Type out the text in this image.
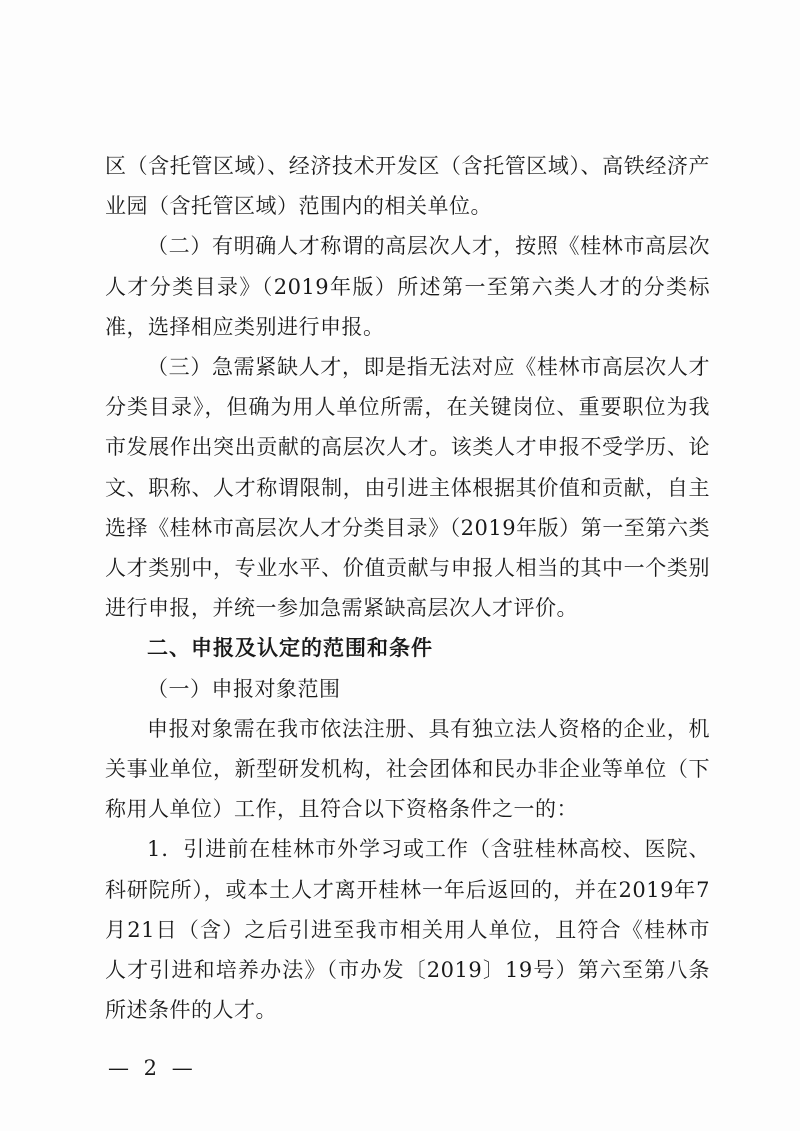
区（含托管区域）、经济技术开发区（含托管区域）、高铁经济产业园（含托管区域）范围内的相关单位。

（二）有明确人才称谓的高层次人才，按照《桂林市高层次人才分类目录》（2019年版）所述第一至第六类人才的分类标准，选择相应类别进行申报。

（三）急需紧缺人才，即是指无法对应《桂林市高层次人才分类目录》，但确为用人单位所需，在关键岗位、重要职位为我市发展作出突出贡献的高层次人才。该类人才申报不受学历、论文、职称、人才称谓限制，由引进主体根据其价值和贡献，自主选择《桂林市高层次人才分类目录》（2019年版）第一至第六类人才类别中，专业水平、价值贡献与申报人相当的其中一个类别进行申报，并统一参加急需紧缺高层次人才评价。

二、申报及认定的范围和条件

（一）申报对象范围

申报对象需在我市依法注册、具有独立法人资格的企业，机关事业单位，新型研发机构，社会团体和民办非企业等单位（下称用人单位）工作，且符合以下资格条件之一的：

1．引进前在桂林市外学习或工作（含驻桂林高校、医院、科研院所），或本土人才离开桂林一年后返回的，并在2019年7月21日（含）之后引进至我市相关用人单位，且符合《桂林市人才引进和培养办法》（市办发〔2019〕19号）第六至第八条所述条件的人才。

— 2 —
